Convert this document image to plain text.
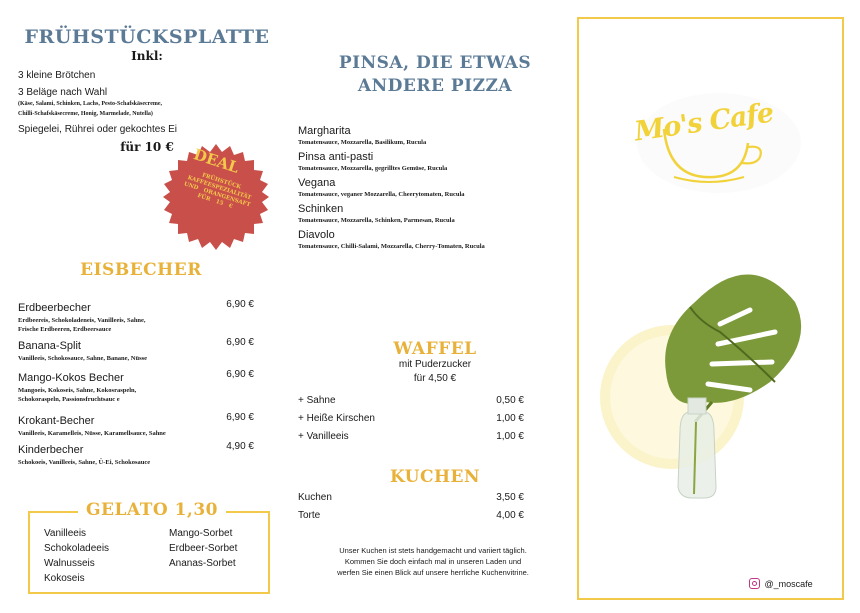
FRÜHSTÜCKSPLATTE
Inkl:
3 kleine Brötchen
3 Beläge nach Wahl
(Käse, Salami, Schinken, Lachs, Pesto-Schafskäsecreme,
Chilli-Schafskäsecreme, Honig, Marmelade, Nutella)
Spiegelei, Rührei oder gekochtes Ei
für 10 €	DEAL
FRÜHSTÜCK KAFFEESPEZIALITÄT UND ORANGENSAFT FÜR 15 €
EISBECHER
Erdbeerbecher	6,90 €
Erdbeereis, Schokoladeneis, Vanilleeis, Sahne,
Frische Erdbeeren, Erdbeersauce
Banana-Split	6,90 €
Vanilleeis, Schokosauce, Sahne, Banane, Nüsse
Mango-Kokos Becher	6,90 €
Mangoeis, Kokoseis, Sahne, Kokosraspeln,
Schokoraspeln, Passionsfruchtsauc e
Krokant-Becher	6,90 €
Vanilleeis, Karamelleis, Nüsse, Karamellsauce, Sahne
Kinderbecher	4,90 €
Schokoeis, Vanilleeis, Sahne, Ü-Ei, Schokosauce
GELATO 1,30
Vanilleeis
Schokoladeeis
Walnusseis
Kokoseis
Mango-Sorbet
Erdbeer-Sorbet
Ananas-Sorbet
PINSA, DIE ETWAS
ANDERE PIZZA
Margharita
Tomatensauce, Mozzarella, Basilikum, Rucula
Pinsa anti-pasti
Tomatensauce, Mozzarella, gegrilltes Gemüse, Rucula
Vegana
Tomatensauce, veganer Mozzarella, Cheerytomaten, Rucula
Schinken
Tomatensauce, Mozzarella, Schinken, Parmesan, Rucula
Diavolo
Tomatensauce, Chilli-Salami, Mozzarella, Cherry-Tomaten, Rucula
WAFFEL
mit Puderzucker
für 4,50 €
+ Sahne	0,50 €
+ Heiße Kirschen	1,00 €
+ Vanilleeis	1,00 €
KUCHEN
Kuchen	3,50 €
Torte	4,00 €
Unser Kuchen ist stets handgemacht und variiert täglich.
Kommen Sie doch einfach mal in unseren Laden und
werfen Sie einen Blick auf unsere herrliche Kuchenvitrine.
Mo's Cafe
@_moscafe
